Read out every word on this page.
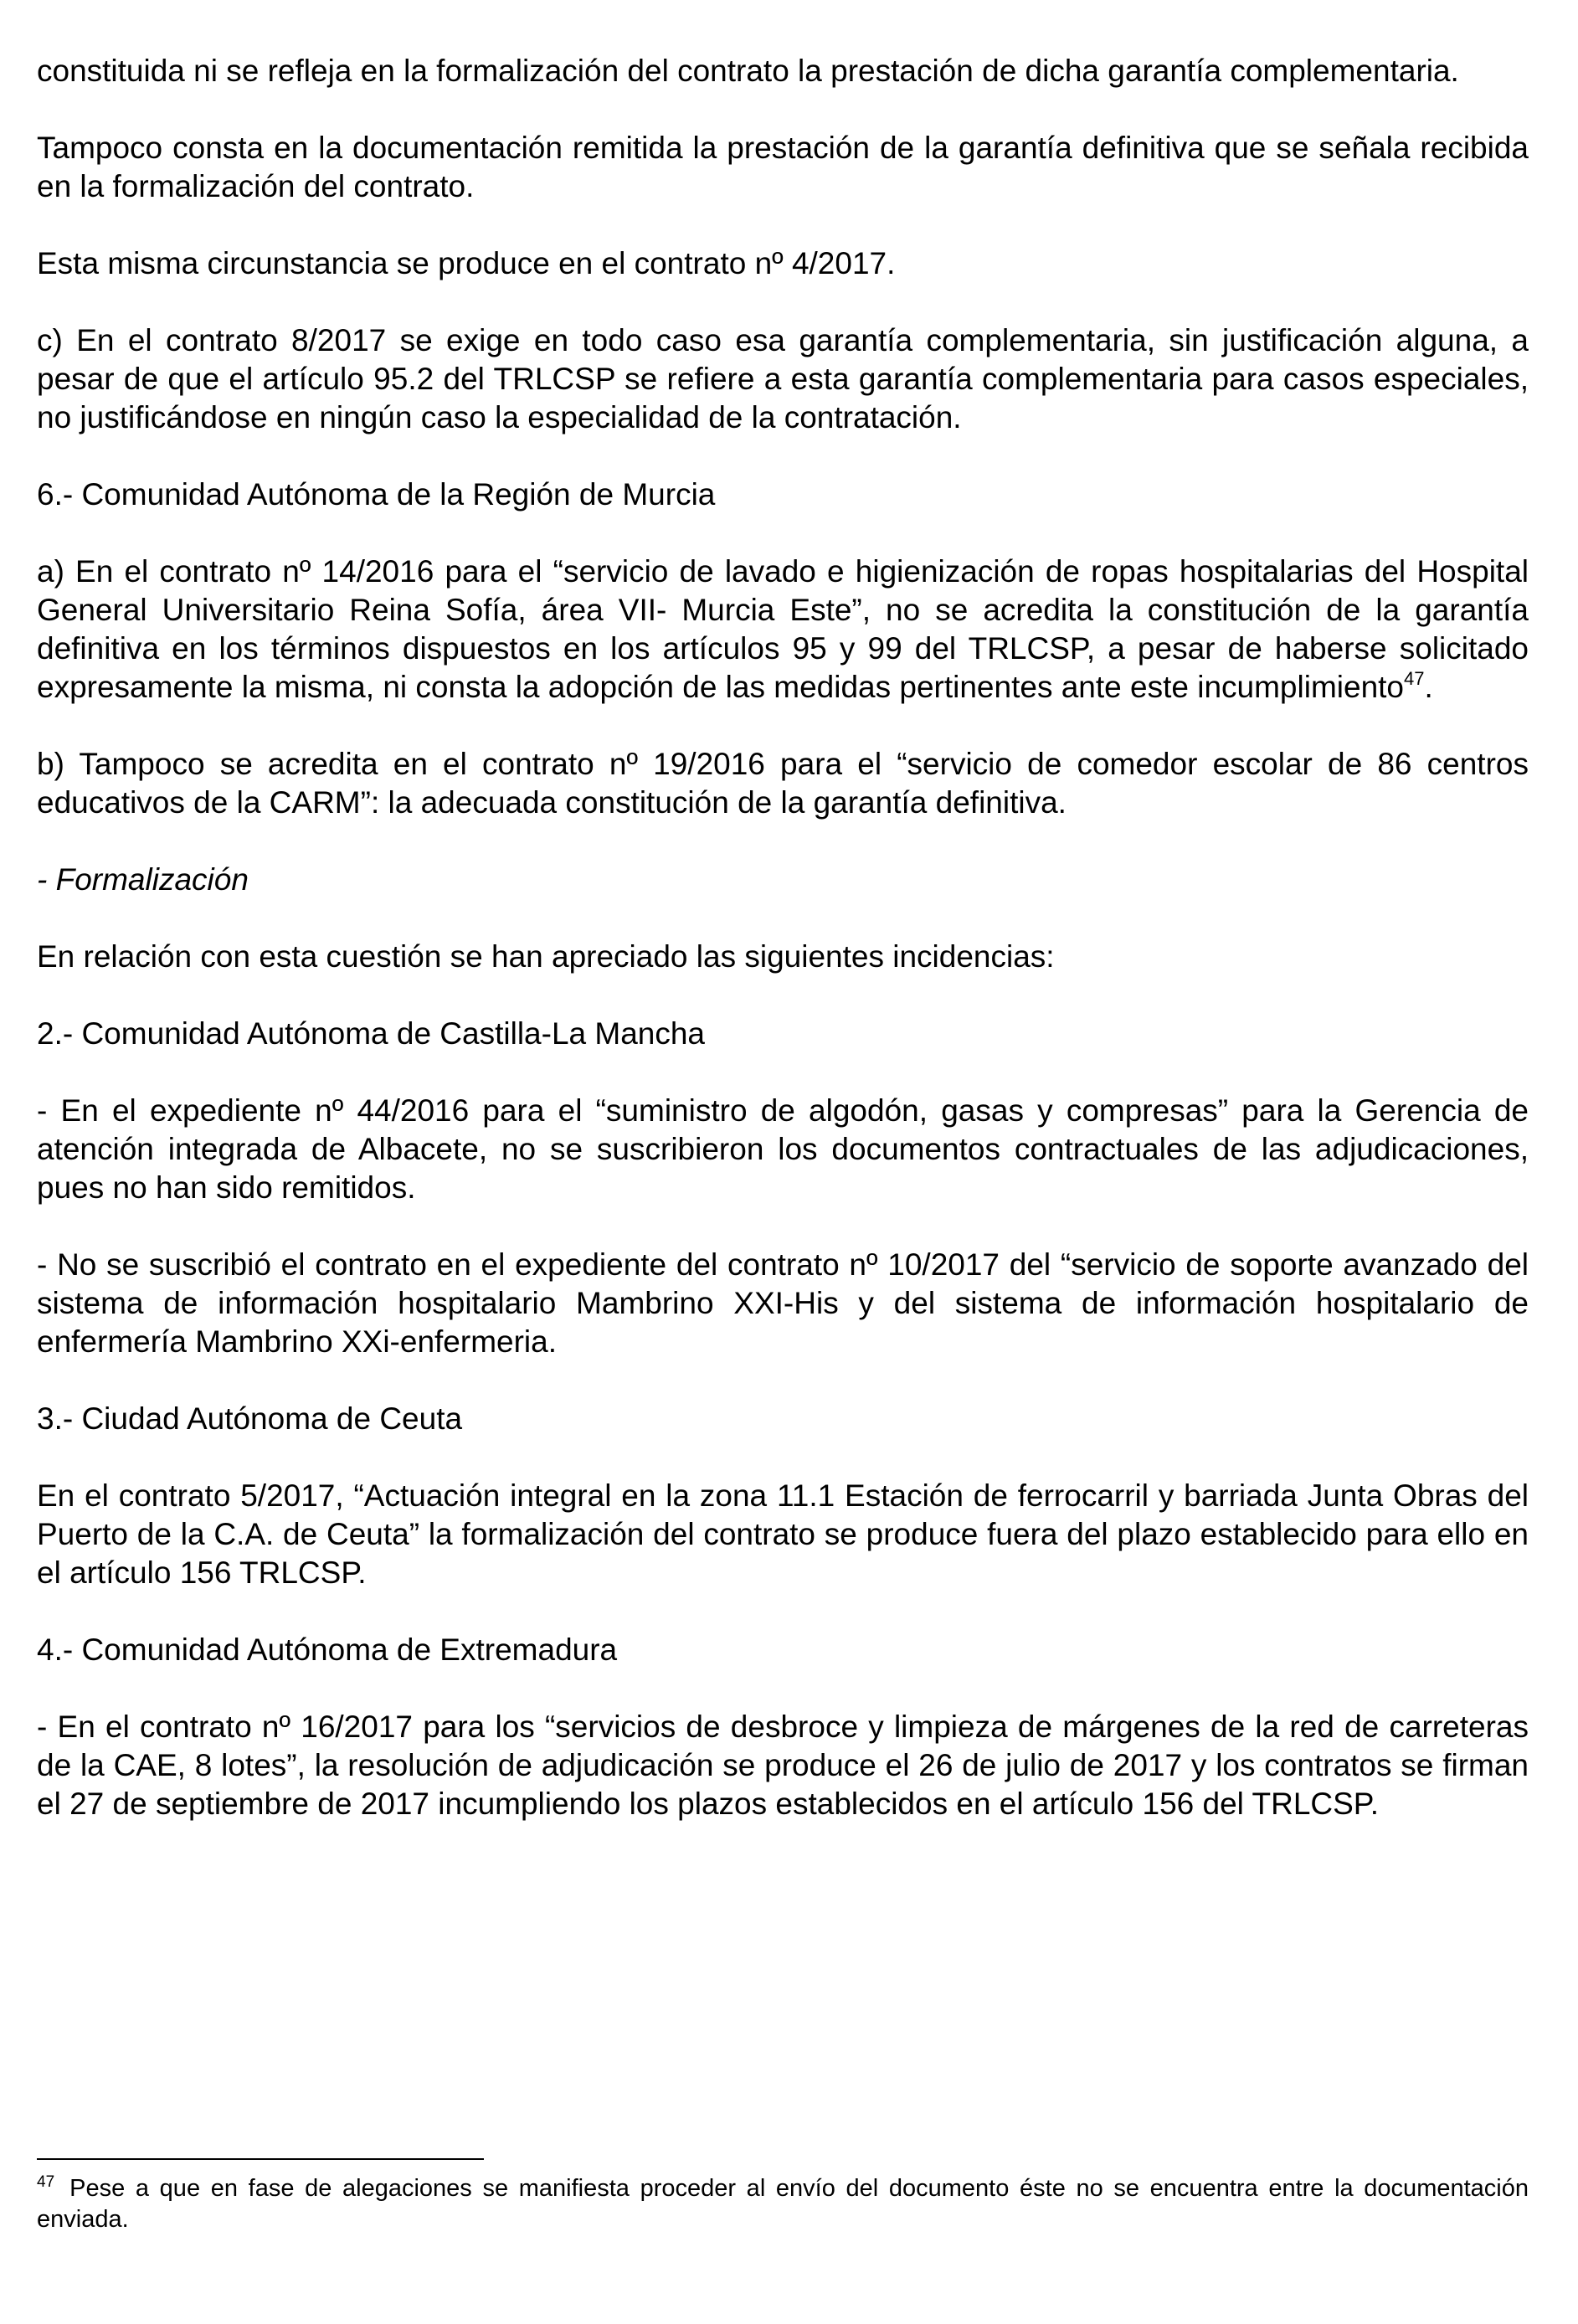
constituida ni se refleja en la formalización del contrato la prestación de dicha garantía complementaria.

Tampoco consta en la documentación remitida la prestación de la garantía definitiva que se señala recibida en la formalización del contrato.

Esta misma circunstancia se produce en el contrato nº 4/2017.

c) En el contrato 8/2017 se exige en todo caso esa garantía complementaria, sin justificación alguna, a pesar de que el artículo 95.2 del TRLCSP se refiere a esta garantía complementaria para casos especiales, no justificándose en ningún caso la especialidad de la contratación.

6.- Comunidad Autónoma de la Región de Murcia

a) En el contrato nº 14/2016 para el “servicio de lavado e higienización de ropas hospitalarias del Hospital General Universitario Reina Sofía, área VII- Murcia Este”, no se acredita la constitución de la garantía definitiva en los términos dispuestos en los artículos 95 y 99 del TRLCSP, a pesar de haberse solicitado expresamente la misma, ni consta la adopción de las medidas pertinentes ante este incumplimiento$^{47}$.

b) Tampoco se acredita en el contrato nº 19/2016 para el “servicio de comedor escolar de 86 centros educativos de la CARM”: la adecuada constitución de la garantía definitiva.

- Formalización

En relación con esta cuestión se han apreciado las siguientes incidencias:

2.- Comunidad Autónoma de Castilla-La Mancha

- En el expediente nº 44/2016 para el “suministro de algodón, gasas y compresas” para la Gerencia de atención integrada de Albacete, no se suscribieron los documentos contractuales de las adjudicaciones, pues no han sido remitidos.

- No se suscribió el contrato en el expediente del contrato nº 10/2017 del “servicio de soporte avanzado del sistema de información hospitalario Mambrino XXI-His y del sistema de información hospitalario de enfermería Mambrino XXi-enfermeria.

3.- Ciudad Autónoma de Ceuta

En el contrato 5/2017, “Actuación integral en la zona 11.1 Estación de ferrocarril y barriada Junta Obras del Puerto de la C.A. de Ceuta” la formalización del contrato se produce fuera del plazo establecido para ello en el artículo 156 TRLCSP.

4.- Comunidad Autónoma de Extremadura

- En el contrato nº 16/2017 para los “servicios de desbroce y limpieza de márgenes de la red de carreteras de la CAE, 8 lotes”, la resolución de adjudicación se produce el 26 de julio de 2017 y los contratos se firman el 27 de septiembre de 2017 incumpliendo los plazos establecidos en el artículo 156 del TRLCSP.

$^{47}$ Pese a que en fase de alegaciones se manifiesta proceder al envío del documento éste no se encuentra entre la documentación enviada.
